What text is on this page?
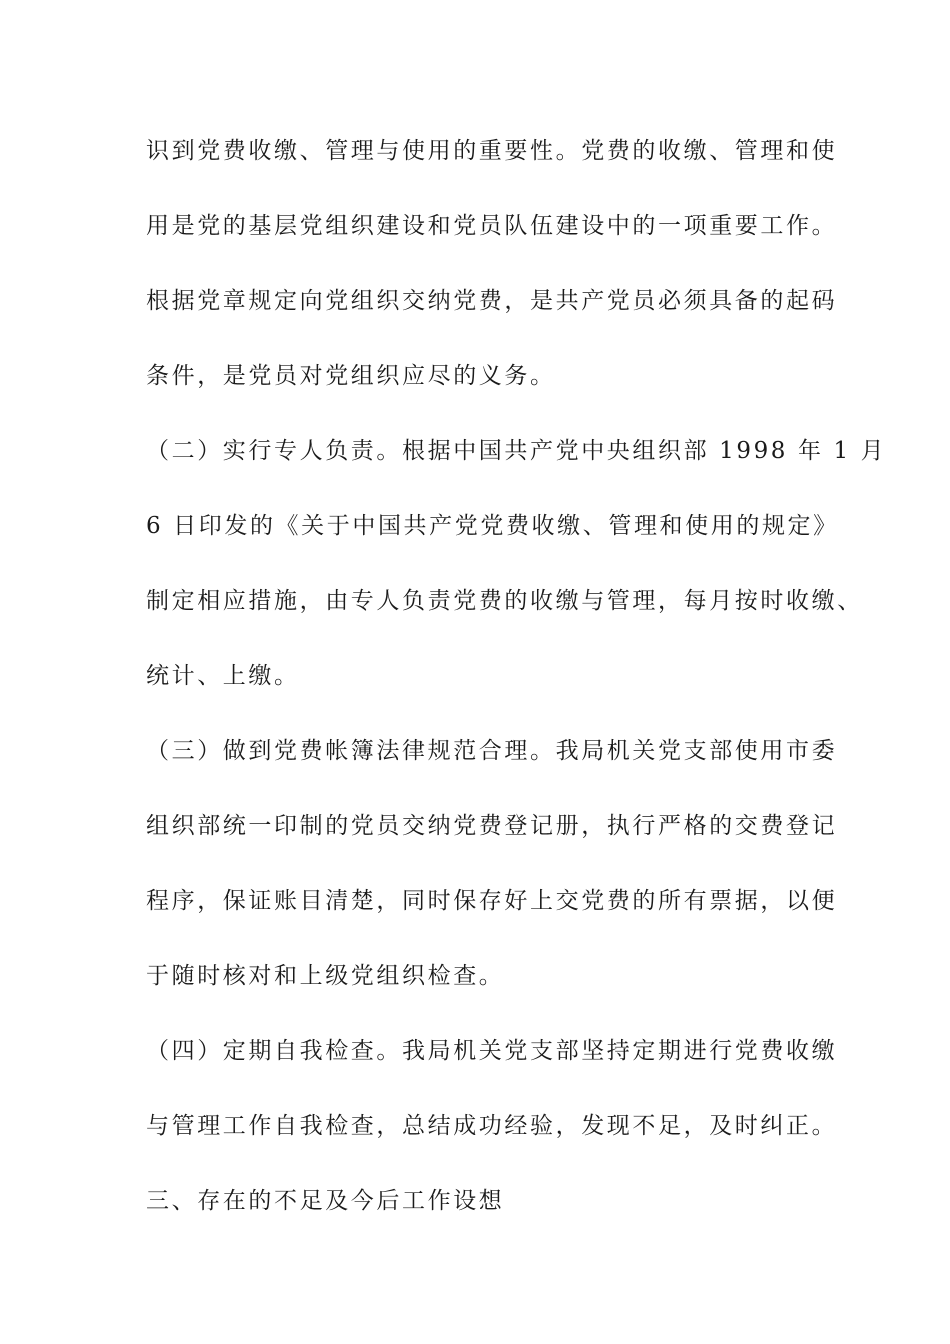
识到党费收缴、管理与使用的重要性。党费的收缴、管理和使
用是党的基层党组织建设和党员队伍建设中的一项重要工作。
根据党章规定向党组织交纳党费，是共产党员必须具备的起码
条件，是党员对党组织应尽的义务。
（二）实行专人负责。根据中国共产党中央组织部 1998 年 1 月
6 日印发的《关于中国共产党党费收缴、管理和使用的规定》
制定相应措施，由专人负责党费的收缴与管理，每月按时收缴、
统计、上缴。
（三）做到党费帐簿法律规范合理。我局机关党支部使用市委
组织部统一印制的党员交纳党费登记册，执行严格的交费登记
程序，保证账目清楚，同时保存好上交党费的所有票据，以便
于随时核对和上级党组织检查。
（四）定期自我检查。我局机关党支部坚持定期进行党费收缴
与管理工作自我检查，总结成功经验，发现不足，及时纠正。
三、存在的不足及今后工作设想
